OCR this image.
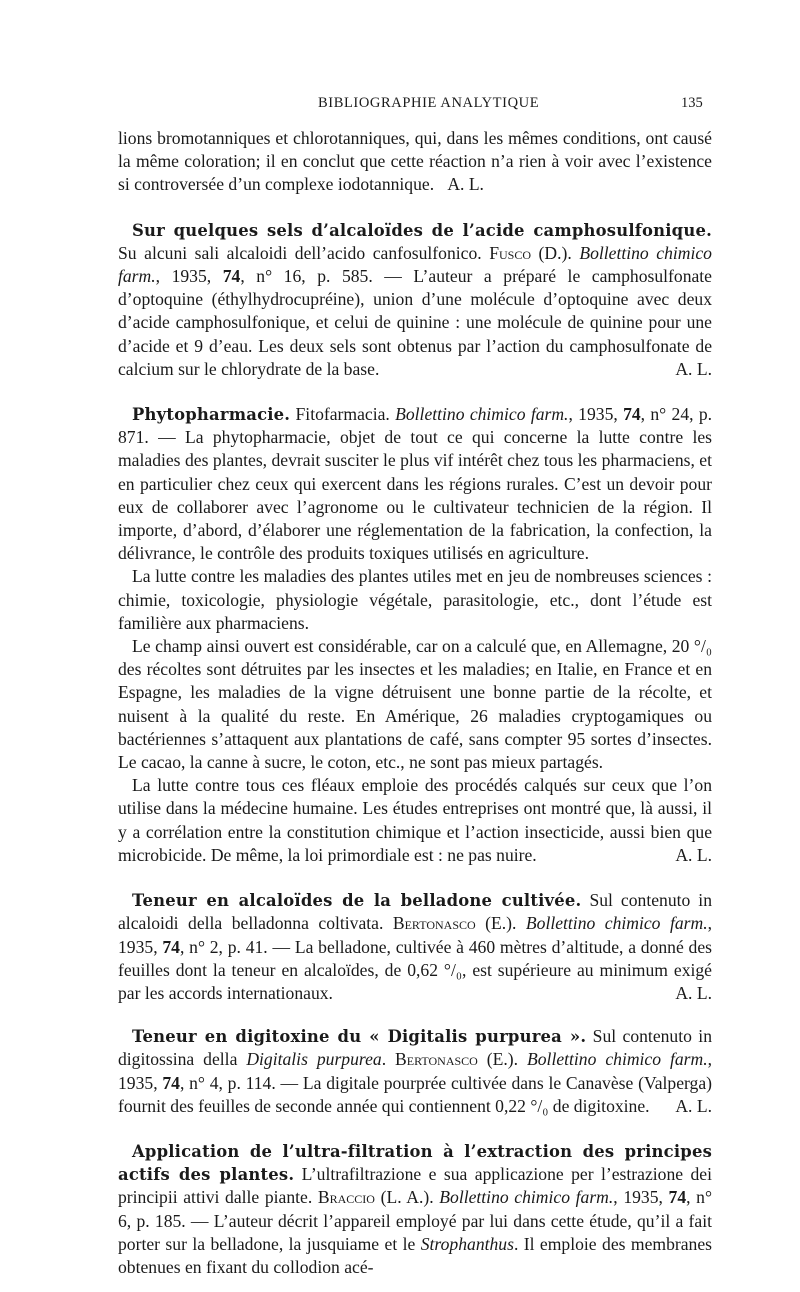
BIBLIOGRAPHIE ANALYTIQUE	135

lions bromotanniques et chlorotanniques, qui, dans les mêmes conditions, ont causé la même coloration; il en conclut que cette réaction n’a rien à voir avec l’existence si controversée d’un complexe iodotannique. A. L.

Sur quelques sels d’alcaloïdes de l’acide camphosulfonique. Su alcuni sali alcaloidi dell’acido canfosulfonico. Fusco (D.). Bollettino chimico farm., 1935, 74, n° 16, p. 585. — L’auteur a préparé le camphosulfonate d’optoquine (éthylhydrocupréine), union d’une molécule d’optoquine avec deux d’acide camphosulfonique, et celui de quinine : une molécule de quinine pour une d’acide et 9 d’eau. Les deux sels sont obtenus par l’action du camphosulfonate de calcium sur le chlorydrate de la base.	A. L.

Phytopharmacie. Fitofarmacia. Bollettino chimico farm., 1935, 74, n° 24, p. 871. — La phytopharmacie, objet de tout ce qui concerne la lutte contre les maladies des plantes, devrait susciter le plus vif intérêt chez tous les pharmaciens, et en particulier chez ceux qui exercent dans les régions rurales. C’est un devoir pour eux de collaborer avec l’agronome ou le cultivateur technicien de la région. Il importe, d’abord, d’élaborer une réglementation de la fabrication, la confection, la délivrance, le contrôle des produits toxiques utilisés en agriculture.

La lutte contre les maladies des plantes utiles met en jeu de nombreuses sciences : chimie, toxicologie, physiologie végétale, parasitologie, etc., dont l’étude est familière aux pharmaciens.

Le champ ainsi ouvert est considérable, car on a calculé que, en Allemagne, 20 °/₀ des récoltes sont détruites par les insectes et les maladies; en Italie, en France et en Espagne, les maladies de la vigne détruisent une bonne partie de la récolte, et nuisent à la qualité du reste. En Amérique, 26 maladies cryptogamiques ou bactériennes s’attaquent aux plantations de café, sans compter 95 sortes d’insectes. Le cacao, la canne à sucre, le coton, etc., ne sont pas mieux partagés.

La lutte contre tous ces fléaux emploie des procédés calqués sur ceux que l’on utilise dans la médecine humaine. Les études entreprises ont montré que, là aussi, il y a corrélation entre la constitution chimique et l’action insecticide, aussi bien que microbicide. De même, la loi primordiale est : ne pas nuire.	A. L.

Teneur en alcaloïdes de la belladone cultivée. Sul contenuto in alcaloidi della belladonna coltivata. Bertonasco (E.). Bollettino chimico farm., 1935, 74, n° 2, p. 41. — La belladone, cultivée à 460 mètres d’altitude, a donné des feuilles dont la teneur en alcaloïdes, de 0,62 °/₀, est supérieure au minimum exigé par les accords internationaux.	A. L.

Teneur en digitoxine du « Digitalis purpurea ». Sul contenuto in digitossina della Digitalis purpurea. Bertonasco (E.). Bollettino chimico farm., 1935, 74, n° 4, p. 114. — La digitale pourprée cultivée dans le Canavèse (Valperga) fournit des feuilles de seconde année qui contiennent 0,22 °/₀ de digitoxine.	A. L.

Application de l’ultra-filtration à l’extraction des principes actifs des plantes. L’ultrafiltrazione e sua applicazione per l’estrazione dei principii attivi dalle piante. Braccio (L. A.). Bollettino chimico farm., 1935, 74, n° 6, p. 185. — L’auteur décrit l’appareil employé par lui dans cette étude, qu’il a fait porter sur la belladone, la jusquiame et le Strophanthus. Il emploie des membranes obtenues en fixant du collodion acé-
